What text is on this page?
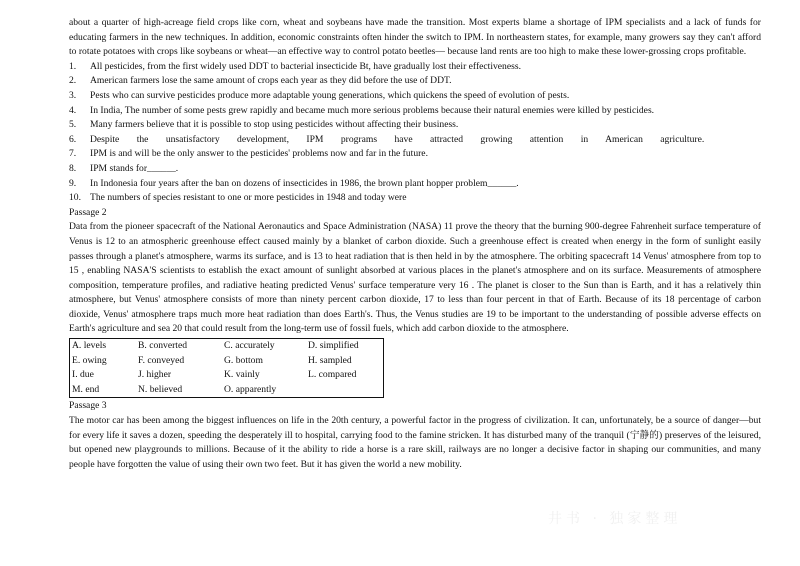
about a quarter of high-acreage field crops like corn, wheat and soybeans have made the transition. Most experts blame a shortage of IPM specialists and a lack of funds for educating farmers in the new techniques. In addition, economic constraints often hinder the switch to IPM. In northeastern states, for example, many growers say they can't afford to rotate potatoes with crops like soybeans or wheat—an effective way to control potato beetles— because land rents are too high to make these lower-grossing crops profitable.

1.	All pesticides, from the first widely used DDT to bacterial insecticide Bt, have gradually lost their effectiveness.
2.	American farmers lose the same amount of crops each year as they did before the use of DDT.
3.	Pests who can survive pesticides produce more adaptable young generations, which quickens the speed of evolution of pests.
4.	In India, The number of some pests grew rapidly and became much more serious problems because their natural enemies were killed by pesticides.
5.	Many farmers believe that it is possible to stop using pesticides without affecting their business.
6.	Despite the unsatisfactory development, IPM programs have attracted growing attention in American agriculture.
7.	IPM is and will be the only answer to the pesticides' problems now and far in the future.
8.	IPM stands for______.
9.	In Indonesia four years after the ban on dozens of insecticides in 1986, the brown plant hopper problem______.
10. The numbers of species resistant to one or more pesticides in 1948 and today were

Passage 2

Data from the pioneer spacecraft of the National Aeronautics and Space Administration (NASA) 11 prove the theory that the burning 900-degree Fahrenheit surface temperature of Venus is 12 to an atmospheric greenhouse effect caused mainly by a blanket of carbon dioxide. Such a greenhouse effect is created when energy in the form of sunlight easily passes through a planet's atmosphere, warms its surface, and is 13 to heat radiation that is then held in by the atmosphere. The orbiting spacecraft 14 Venus' atmosphere from top to 15 , enabling NASA'S scientists to establish the exact amount of sunlight absorbed at various places in the planet's atmosphere and on its surface. Measurements of atmosphere composition, temperature profiles, and radiative heating predicted Venus' surface temperature very 16 . The planet is closer to the Sun than is Earth, and it has a relatively thin atmosphere, but Venus' atmosphere consists of more than ninety percent carbon dioxide, 17 to less than four percent in that of Earth. Because of its 18 percentage of carbon dioxide, Venus' atmosphere traps much more heat radiation than does Earth's. Thus, the Venus studies are 19 to be important to the understanding of possible adverse effects on Earth's agriculture and sea 20 that could result from the long-term use of fossil fuels, which add carbon dioxide to the atmosphere.

A. levels	B. converted	C. accurately	D. simplified
E. owing	F. conveyed	G. bottom	H. sampled
I. due	J. higher	K. vainly	L. compared
M. end	N. believed	O. apparently	

Passage 3

The motor car has been among the biggest influences on life in the 20th century, a powerful factor in the progress of civilization. It can, unfortunately, be a source of danger—but for every life it saves a dozen, speeding the desperately ill to hospital, carrying food to the famine stricken. It has disturbed many of the tranquil (宁静的) preserves of the leisured, but opened new playgrounds to millions. Because of it the ability to ride a horse is a rare skill, railways are no longer a decisive factor in shaping our communities, and many people have forgotten the value of using their own two feet. But it has given the world a new mobility.

井书 · 独家整理
